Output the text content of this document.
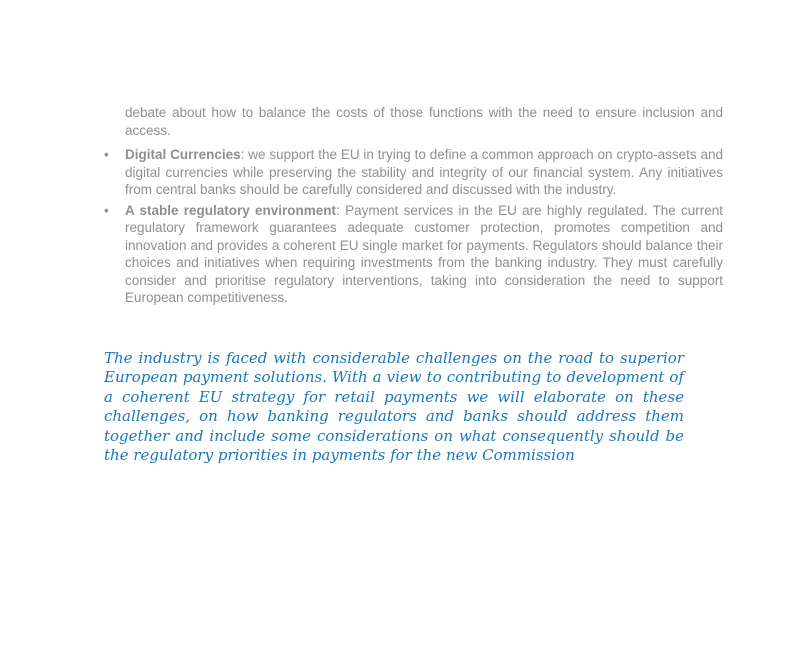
debate about how to balance the costs of those functions with the need to ensure inclusion and access.

• Digital Currencies: we support the EU in trying to define a common approach on crypto-assets and digital currencies while preserving the stability and integrity of our financial system. Any initiatives from central banks should be carefully considered and discussed with the industry.
• A stable regulatory environment: Payment services in the EU are highly regulated. The current regulatory framework guarantees adequate customer protection, promotes competition and innovation and provides a coherent EU single market for payments. Regulators should balance their choices and initiatives when requiring investments from the banking industry. They must carefully consider and prioritise regulatory interventions, taking into consideration the need to support European competitiveness.

The industry is faced with considerable challenges on the road to superior European payment solutions. With a view to contributing to development of a coherent EU strategy for retail payments we will elaborate on these challenges, on how banking regulators and banks should address them together and include some considerations on what consequently should be the regulatory priorities in payments for the new Commission
